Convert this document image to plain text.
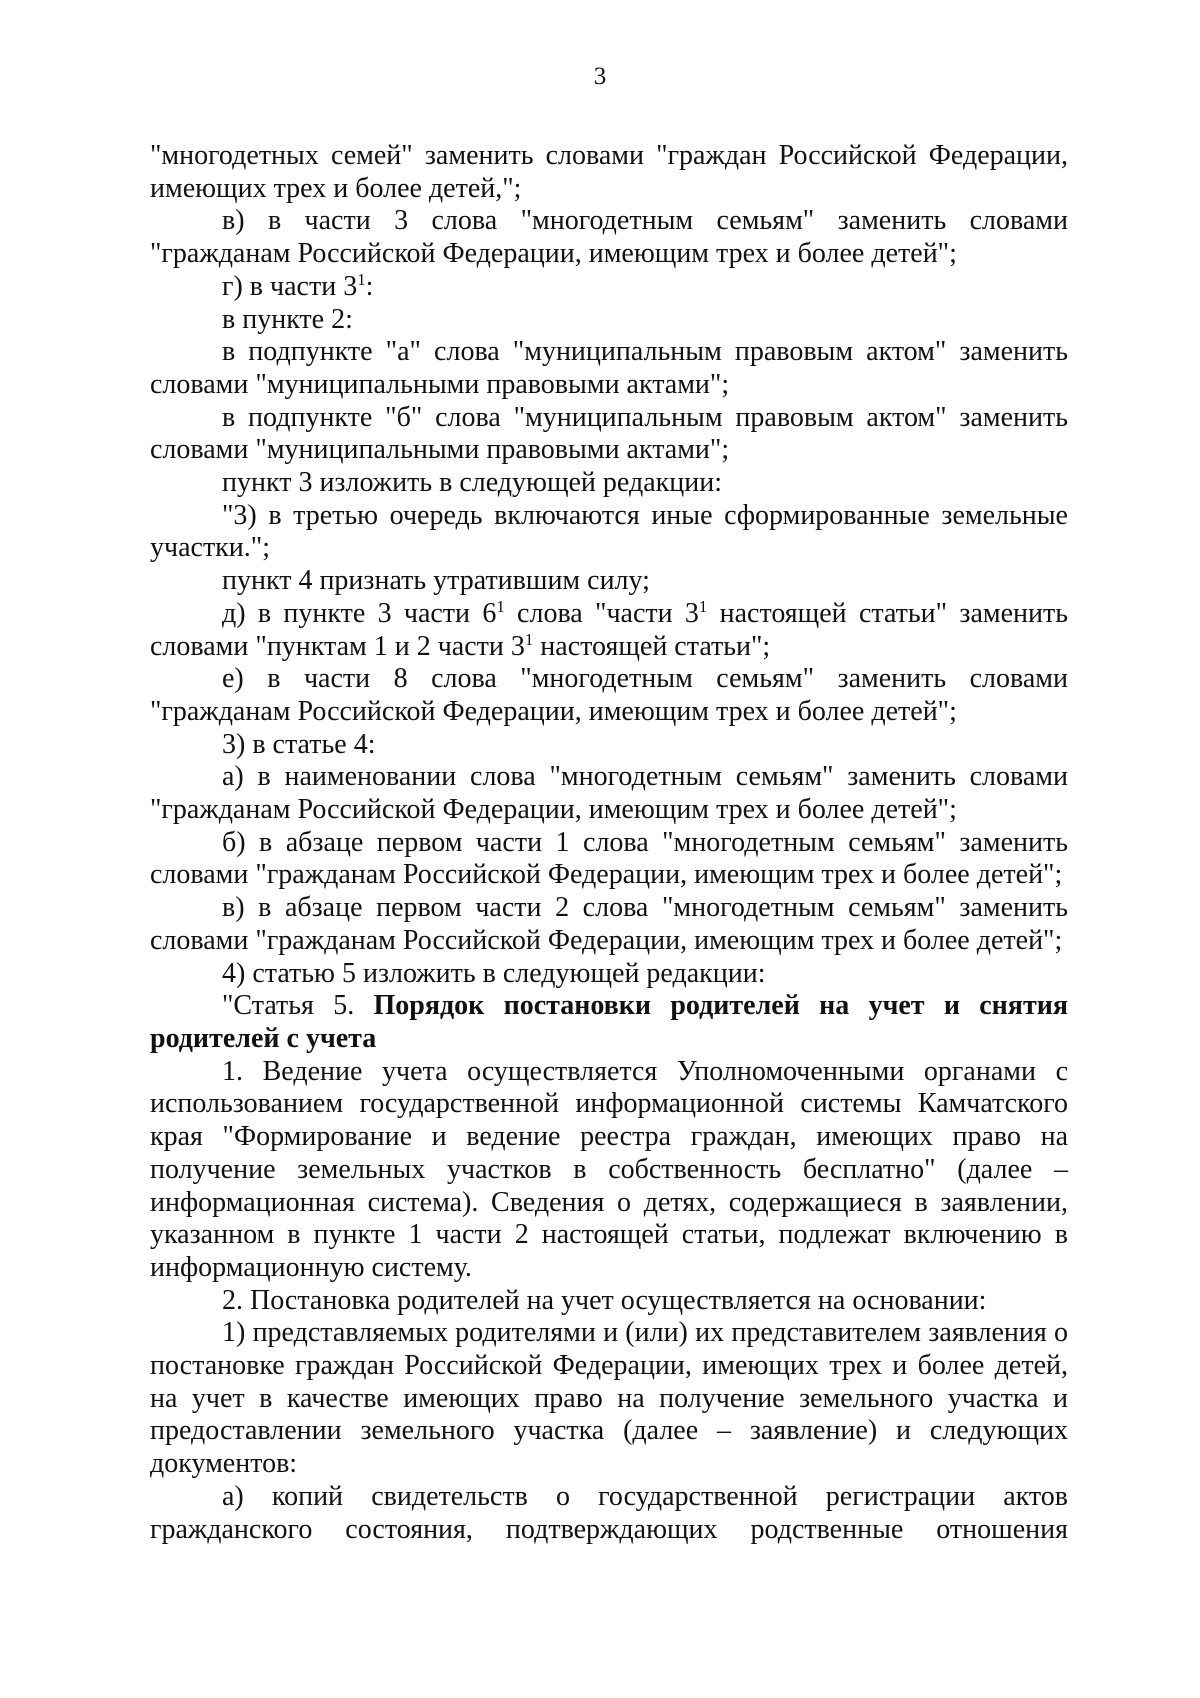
3

"многодетных семей" заменить словами "граждан Российской Федерации, имеющих трех и более детей,";

в) в части 3 слова "многодетным семьям" заменить словами "гражданам Российской Федерации, имеющим трех и более детей";

г) в части $3^1$:

в пункте 2:

в подпункте "а" слова "муниципальным правовым актом" заменить словами "муниципальными правовыми актами";

в подпункте "б" слова "муниципальным правовым актом" заменить словами "муниципальными правовыми актами";

пункт 3 изложить в следующей редакции:

"3) в третью очередь включаются иные сформированные земельные участки.";

пункт 4 признать утратившим силу;

д) в пункте 3 части $6^1$ слова "части $3^1$ настоящей статьи" заменить словами "пунктам 1 и 2 части $3^1$ настоящей статьи";

е) в части 8 слова "многодетным семьям" заменить словами "гражданам Российской Федерации, имеющим трех и более детей";

3) в статье 4:

а) в наименовании слова "многодетным семьям" заменить словами "гражданам Российской Федерации, имеющим трех и более детей";

б) в абзаце первом части 1 слова "многодетным семьям" заменить словами "гражданам Российской Федерации, имеющим трех и более детей";

в) в абзаце первом части 2 слова "многодетным семьям" заменить словами "гражданам Российской Федерации, имеющим трех и более детей";

4) статью 5 изложить в следующей редакции:

"Статья 5. Порядок постановки родителей на учет и снятия родителей с учета

1. Ведение учета осуществляется Уполномоченными органами с использованием государственной информационной системы Камчатского края "Формирование и ведение реестра граждан, имеющих право на получение земельных участков в собственность бесплатно" (далее – информационная система). Сведения о детях, содержащиеся в заявлении, указанном в пункте 1 части 2 настоящей статьи, подлежат включению в информационную систему.

2. Постановка родителей на учет осуществляется на основании:

1) представляемых родителями и (или) их представителем заявления о постановке граждан Российской Федерации, имеющих трех и более детей, на учет в качестве имеющих право на получение земельного участка и предоставлении земельного участка (далее – заявление) и следующих документов:

а) копий свидетельств о государственной регистрации актов гражданского состояния, подтверждающих родственные отношения
